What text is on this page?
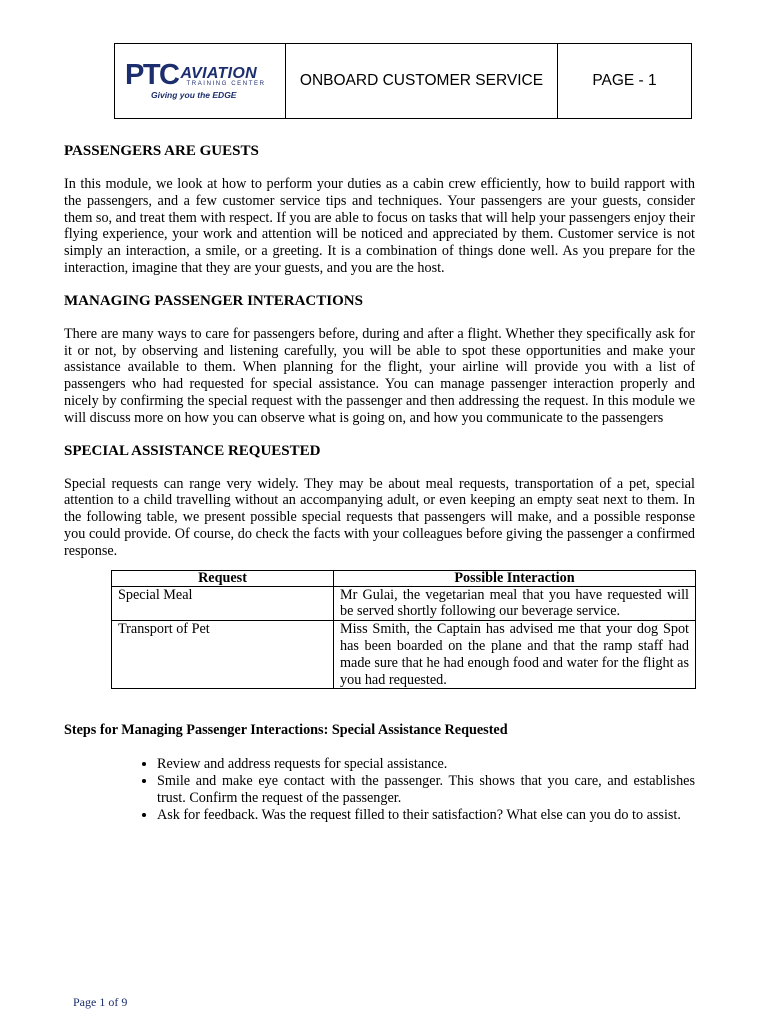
PTC AVIATION
TRAINING CENTER
Giving you the EDGE
ONBOARD CUSTOMER SERVICE	PAGE - 1
PASSENGERS ARE GUESTS

In this module, we look at how to perform your duties as a cabin crew efficiently, how to build rapport with the passengers, and a few customer service tips and techniques. Your passengers are your guests, consider them so, and treat them with respect. If you are able to focus on tasks that will help your passengers enjoy their flying experience, your work and attention will be noticed and appreciated by them. Customer service is not simply an interaction, a smile, or a greeting. It is a combination of things done well. As you prepare for the interaction, imagine that they are your guests, and you are the host.

MANAGING PASSENGER INTERACTIONS

There are many ways to care for passengers before, during and after a flight. Whether they specifically ask for it or not, by observing and listening carefully, you will be able to spot these opportunities and make your assistance available to them. When planning for the flight, your airline will provide you with a list of passengers who had requested for special assistance. You can manage passenger interaction properly and nicely by confirming the special request with the passenger and then addressing the request. In this module we will discuss more on how you can observe what is going on, and how you communicate to the passengers

SPECIAL ASSISTANCE REQUESTED

Special requests can range very widely. They may be about meal requests, transportation of a pet, special attention to a child travelling without an accompanying adult, or even keeping an empty seat next to them. In the following table, we present possible special requests that passengers will make, and a possible response you could provide. Of course, do check the facts with your colleagues before giving the passenger a confirmed response.

Request	Possible Interaction
Special Meal	Mr Gulai, the vegetarian meal that you have requested will be served shortly following our beverage service.
Transport of Pet	Miss Smith, the Captain has advised me that your dog Spot has been boarded on the plane and that the ramp staff had made sure that he had enough food and water for the flight as you had requested.
Steps for Managing Passenger Interactions: Special Assistance Requested
• Review and address requests for special assistance.
• Smile and make eye contact with the passenger. This shows that you care, and establishes trust. Confirm the request of the passenger.
• Ask for feedback. Was the request filled to their satisfaction? What else can you do to assist.
Page 1 of 9
